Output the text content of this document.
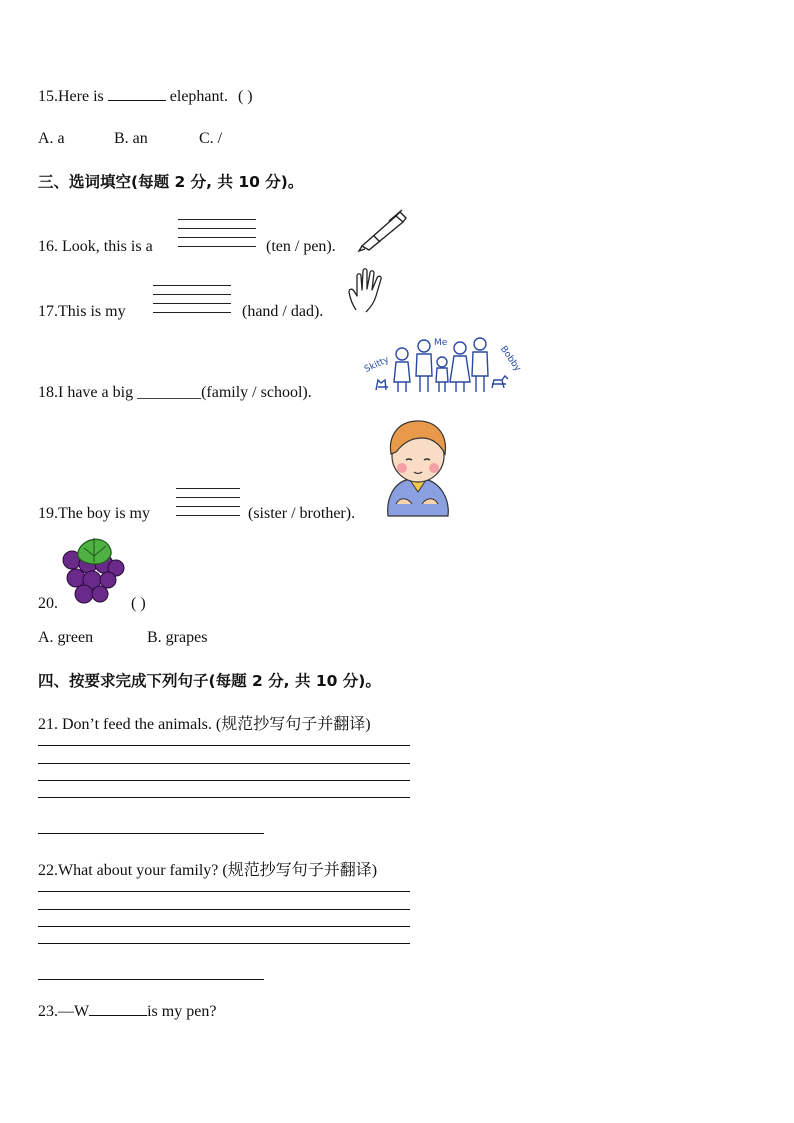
15.Here is	elephant. ( )
A. a	B. an	C. /
三、选词填空(每题 2 分, 共 10 分)。
16. Look, this is a	(ten / pen).
17.This is my	(hand / dad).
18.I have a big ________(family / school).
Skitty
Me
Bobby
19.The boy is my	(sister / brother).
20.	( )
A. green	B. grapes
四、按要求完成下列句子(每题 2 分, 共 10 分)。
21. Don’t feed the animals. (规范抄写句子并翻译)
22.What about your family? (规范抄写句子并翻译)
23.—W	is my pen?
